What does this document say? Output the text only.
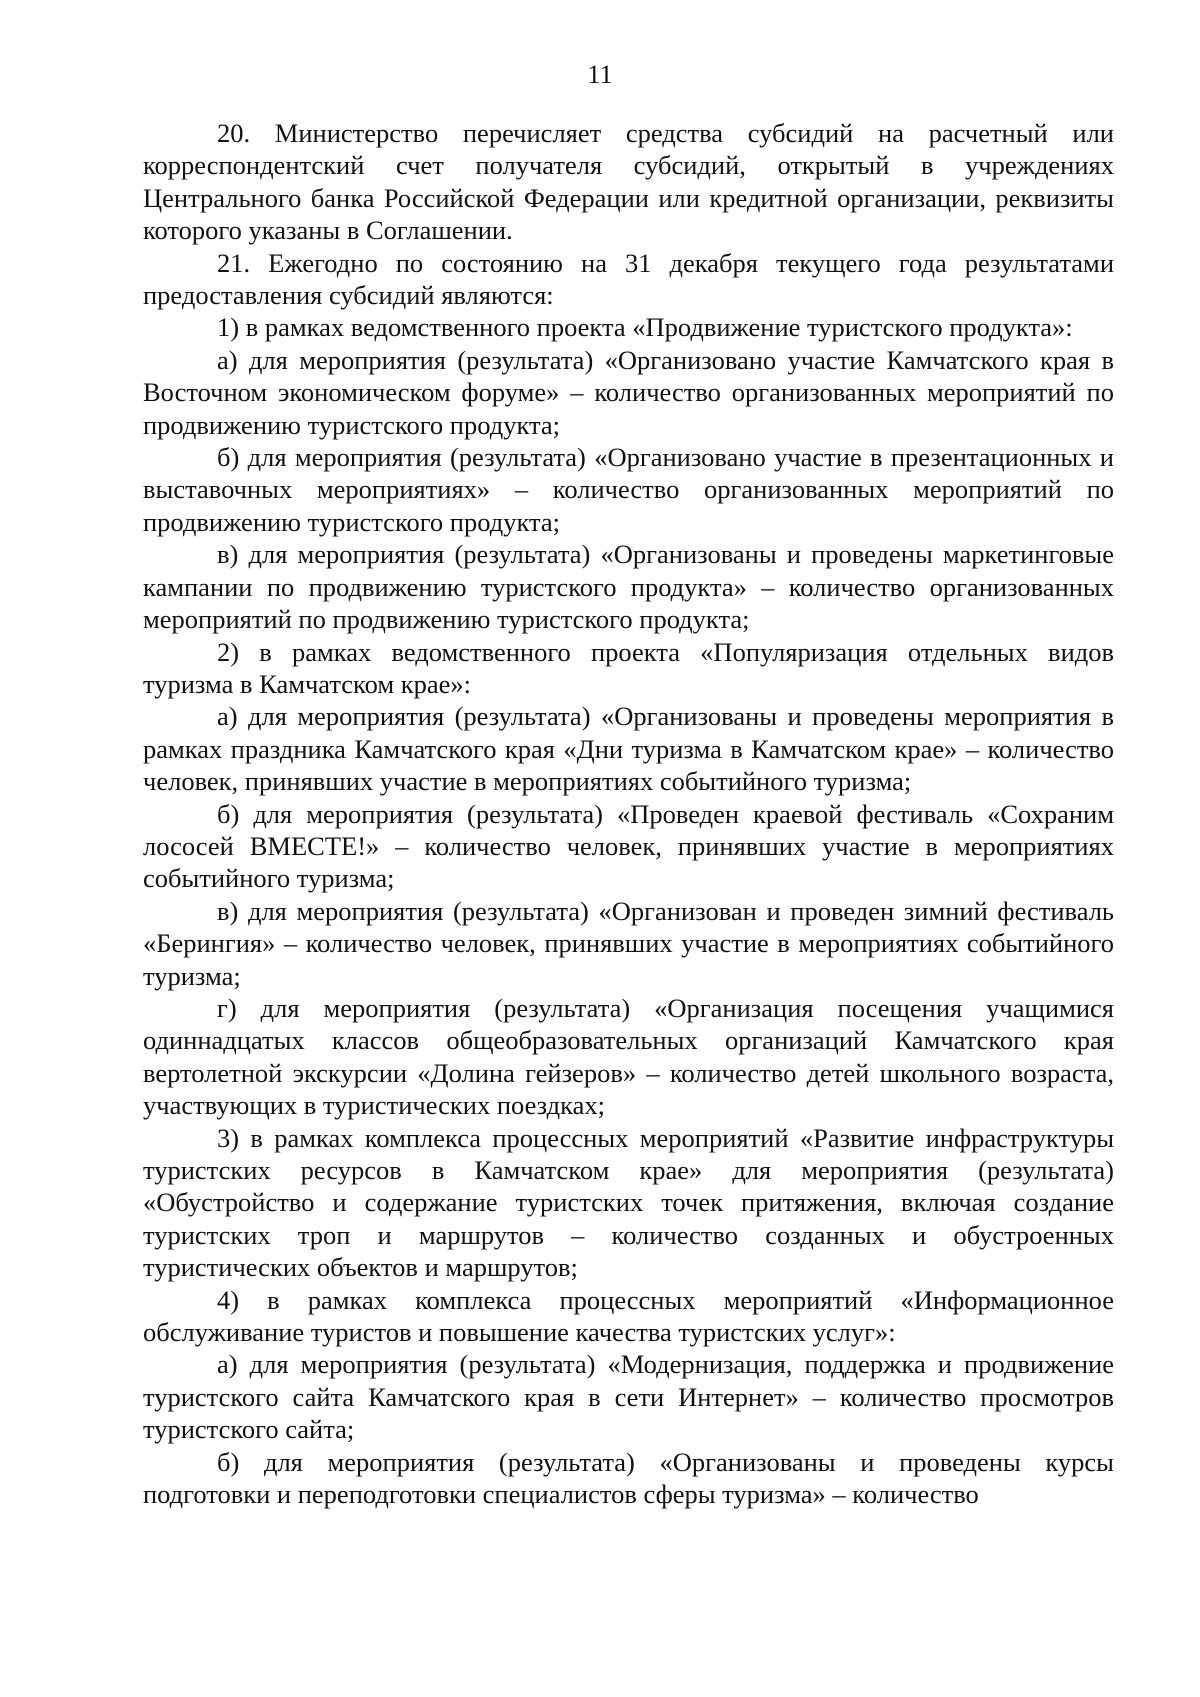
11

20. Министерство перечисляет средства субсидий на расчетный или корреспондентский счет получателя субсидий, открытый в учреждениях Центрального банка Российской Федерации или кредитной организации, реквизиты которого указаны в Соглашении.

21. Ежегодно по состоянию на 31 декабря текущего года результатами предоставления субсидий являются:

1) в рамках ведомственного проекта «Продвижение туристского продукта»:

а) для мероприятия (результата) «Организовано участие Камчатского края в Восточном экономическом форуме» – количество организованных мероприятий по продвижению туристского продукта;

б) для мероприятия (результата) «Организовано участие в презентационных и выставочных мероприятиях» – количество организованных мероприятий по продвижению туристского продукта;

в) для мероприятия (результата) «Организованы и проведены маркетинговые кампании по продвижению туристского продукта» – количество организованных мероприятий по продвижению туристского продукта;

2) в рамках ведомственного проекта «Популяризация отдельных видов туризма в Камчатском крае»:

а) для мероприятия (результата) «Организованы и проведены мероприятия в рамках праздника Камчатского края «Дни туризма в Камчатском крае» – количество человек, принявших участие в мероприятиях событийного туризма;

б) для мероприятия (результата) «Проведен краевой фестиваль «Сохраним лососей ВМЕСТЕ!» – количество человек, принявших участие в мероприятиях событийного туризма;

в) для мероприятия (результата) «Организован и проведен зимний фестиваль «Берингия» – количество человек, принявших участие в мероприятиях событийного туризма;

г) для мероприятия (результата) «Организация посещения учащимися одиннадцатых классов общеобразовательных организаций Камчатского края вертолетной экскурсии «Долина гейзеров» – количество детей школьного возраста, участвующих в туристических поездках;

3) в рамках комплекса процессных мероприятий «Развитие инфраструктуры туристских ресурсов в Камчатском крае» для мероприятия (результата) «Обустройство и содержание туристских точек притяжения, включая создание туристских троп и маршрутов – количество созданных и обустроенных туристических объектов и маршрутов;

4) в рамках комплекса процессных мероприятий «Информационное обслуживание туристов и повышение качества туристских услуг»:

а) для мероприятия (результата) «Модернизация, поддержка и продвижение туристского сайта Камчатского края в сети Интернет» – количество просмотров туристского сайта;

б) для мероприятия (результата) «Организованы и проведены курсы подготовки и переподготовки специалистов сферы туризма» – количество
